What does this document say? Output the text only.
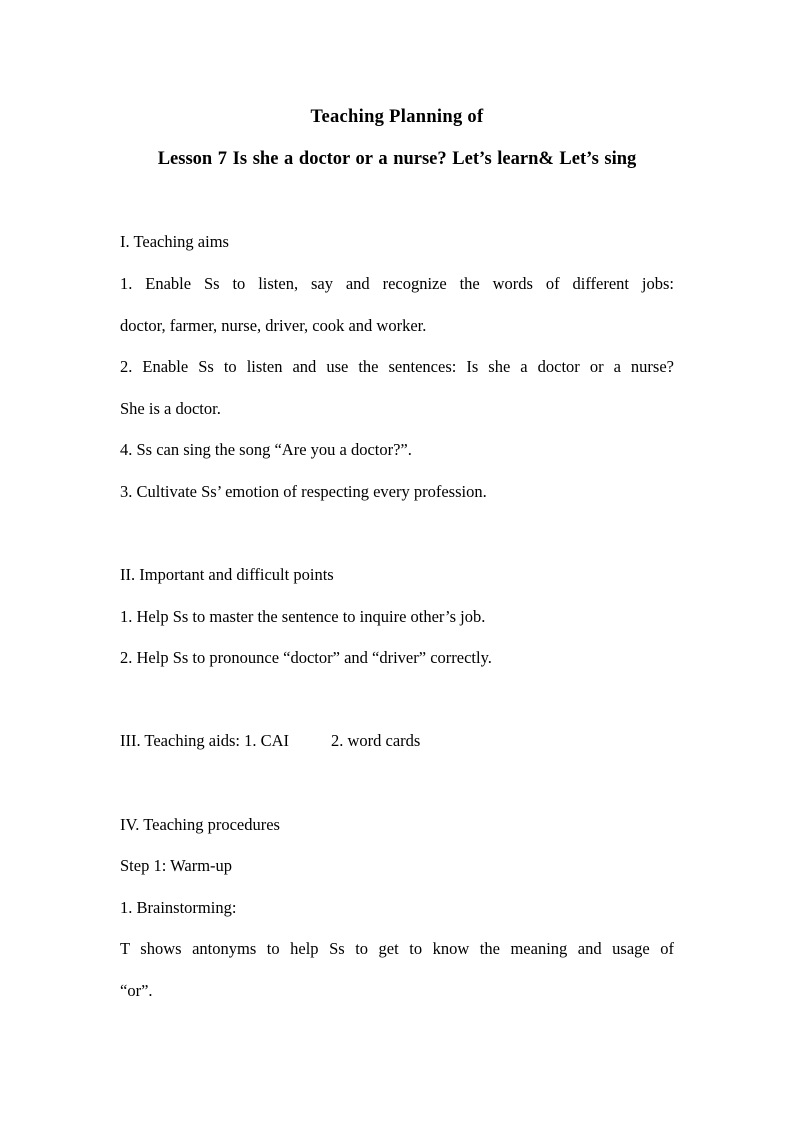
Teaching Planning of
Lesson 7 Is she a doctor or a nurse? Let’s learn& Let’s sing
I. Teaching aims
1. Enable Ss to listen, say and recognize the words of different jobs:
doctor, farmer, nurse, driver, cook and worker.
2. Enable Ss to listen and use the sentences: Is she a doctor or a nurse?
She is a doctor.
4. Ss can sing the song “Are you a doctor?”.
3. Cultivate Ss’ emotion of respecting every profession.
II. Important and difficult points
1. Help Ss to master the sentence to inquire other’s job.
2. Help Ss to pronounce “doctor” and “driver” correctly.
III. Teaching aids: 1. CAI	2. word cards
IV. Teaching procedures
Step 1: Warm-up
1. Brainstorming:
T shows antonyms to help Ss to get to know the meaning and usage of
“or”.
